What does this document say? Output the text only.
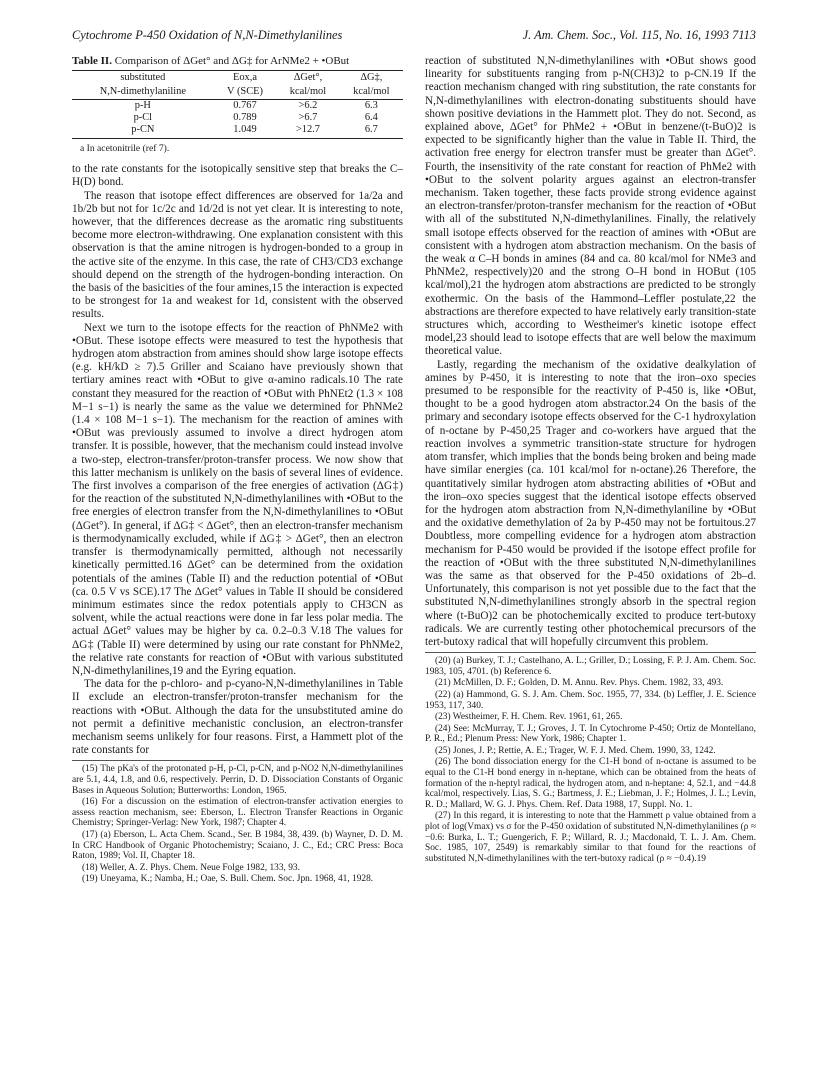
Cytochrome P-450 Oxidation of N,N-Dimethylanilines	J. Am. Chem. Soc., Vol. 115, No. 16, 1993 7113
Table II. Comparison of ΔGet° and ΔG‡ for ArNMe2 + •OBut
substituted	Eox,a	ΔGet°,	ΔG‡,
N,N-dimethylaniline	V (SCE)	kcal/mol	kcal/mol
p-H	0.767	>6.2	6.3
p-Cl	0.789	>6.7	6.4
p-CN	1.049	>12.7	6.7
a In acetonitrile (ref 7).

to the rate constants for the isotopically sensitive step that breaks the C–H(D) bond.

The reason that isotope effect differences are observed for 1a/2a and 1b/2b but not for 1c/2c and 1d/2d is not yet clear. It is interesting to note, however, that the differences decrease as the aromatic ring substituents become more electron-withdrawing. One explanation consistent with this observation is that the amine nitrogen is hydrogen-bonded to a group in the active site of the enzyme. In this case, the rate of CH3/CD3 exchange should depend on the strength of the hydrogen-bonding interaction. On the basis of the basicities of the four amines,15 the interaction is expected to be strongest for 1a and weakest for 1d, consistent with the observed results.

Next we turn to the isotope effects for the reaction of PhNMe2 with •OBut. These isotope effects were measured to test the hypothesis that hydrogen atom abstraction from amines should show large isotope effects (e.g. kH/kD ≥ 7).5 Griller and Scaiano have previously shown that tertiary amines react with •OBut to give α-amino radicals.10 The rate constant they measured for the reaction of •OBut with PhNEt2 (1.3 × 108 M−1 s−1) is nearly the same as the value we determined for PhNMe2 (1.4 × 108 M−1 s−1). The mechanism for the reaction of amines with •OBut was previously assumed to involve a direct hydrogen atom transfer. It is possible, however, that the mechanism could instead involve a two-step, electron-transfer/proton-transfer process. We now show that this latter mechanism is unlikely on the basis of several lines of evidence. The first involves a comparison of the free energies of activation (ΔG‡) for the reaction of the substituted N,N-dimethylanilines with •OBut to the free energies of electron transfer from the N,N-dimethylanilines to •OBut (ΔGet°). In general, if ΔG‡ < ΔGet°, then an electron-transfer mechanism is thermodynamically excluded, while if ΔG‡ > ΔGet°, then an electron transfer is thermodynamically permitted, although not necessarily kinetically permitted.16 ΔGet° can be determined from the oxidation potentials of the amines (Table II) and the reduction potential of •OBut (ca. 0.5 V vs SCE).17 The ΔGet° values in Table II should be considered minimum estimates since the redox potentials apply to CH3CN as solvent, while the actual reactions were done in far less polar media. The actual ΔGet° values may be higher by ca. 0.2–0.3 V.18 The values for ΔG‡ (Table II) were determined by using our rate constant for PhNMe2, the relative rate constants for reaction of •OBut with various substituted N,N-dimethylanilines,19 and the Eyring equation.

The data for the p-chloro- and p-cyano-N,N-dimethylanilines in Table II exclude an electron-transfer/proton-transfer mechanism for the reactions with •OBut. Although the data for the unsubstituted amine do not permit a definitive mechanistic conclusion, an electron-transfer mechanism seems unlikely for four reasons. First, a Hammett plot of the rate constants for

(15) The pKa's of the protonated p-H, p-Cl, p-CN, and p-NO2 N,N-dimethylanilines are 5.1, 4.4, 1.8, and 0.6, respectively. Perrin, D. D. Dissociation Constants of Organic Bases in Aqueous Solution; Butterworths: London, 1965.

(16) For a discussion on the estimation of electron-transfer activation energies to assess reaction mechanism, see: Eberson, L. Electron Transfer Reactions in Organic Chemistry; Springer-Verlag: New York, 1987; Chapter 4.

(17) (a) Eberson, L. Acta Chem. Scand., Ser. B 1984, 38, 439. (b) Wayner, D. D. M. In CRC Handbook of Organic Photochemistry; Scaiano, J. C., Ed.; CRC Press: Boca Raton, 1989; Vol. II, Chapter 18.

(18) Weller, A. Z. Phys. Chem. Neue Folge 1982, 133, 93.

(19) Uneyama, K.; Namba, H.; Oae, S. Bull. Chem. Soc. Jpn. 1968, 41, 1928.

reaction of substituted N,N-dimethylanilines with •OBut shows good linearity for substituents ranging from p-N(CH3)2 to p-CN.19 If the reaction mechanism changed with ring substitution, the rate constants for N,N-dimethylanilines with electron-donating substituents should have shown positive deviations in the Hammett plot. They do not. Second, as explained above, ΔGet° for PhMe2 + •OBut in benzene/(t-BuO)2 is expected to be significantly higher than the value in Table II. Third, the activation free energy for electron transfer must be greater than ΔGet°. Fourth, the insensitivity of the rate constant for reaction of PhMe2 with •OBut to the solvent polarity argues against an electron-transfer mechanism. Taken together, these facts provide strong evidence against an electron-transfer/proton-transfer mechanism for the reaction of •OBut with all of the substituted N,N-dimethylanilines. Finally, the relatively small isotope effects observed for the reaction of amines with •OBut are consistent with a hydrogen atom abstraction mechanism. On the basis of the weak α C–H bonds in amines (84 and ca. 80 kcal/mol for NMe3 and PhNMe2, respectively)20 and the strong O–H bond in HOBut (105 kcal/mol),21 the hydrogen atom abstractions are predicted to be strongly exothermic. On the basis of the Hammond–Leffler postulate,22 the abstractions are therefore expected to have relatively early transition-state structures which, according to Westheimer's kinetic isotope effect model,23 should lead to isotope effects that are well below the maximum theoretical value.

Lastly, regarding the mechanism of the oxidative dealkylation of amines by P-450, it is interesting to note that the iron–oxo species presumed to be responsible for the reactivity of P-450 is, like •OBut, thought to be a good hydrogen atom abstractor.24 On the basis of the primary and secondary isotope effects observed for the C-1 hydroxylation of n-octane by P-450,25 Trager and co-workers have argued that the reaction involves a symmetric transition-state structure for hydrogen atom transfer, which implies that the bonds being broken and being made have similar energies (ca. 101 kcal/mol for n-octane).26 Therefore, the quantitatively similar hydrogen atom abstracting abilities of •OBut and the iron–oxo species suggest that the identical isotope effects observed for the hydrogen atom abstraction from N,N-dimethylaniline by •OBut and the oxidative demethylation of 2a by P-450 may not be fortuitous.27 Doubtless, more compelling evidence for a hydrogen atom abstraction mechanism for P-450 would be provided if the isotope effect profile for the reaction of •OBut with the three substituted N,N-dimethylanilines was the same as that observed for the P-450 oxidations of 2b–d. Unfortunately, this comparison is not yet possible due to the fact that the substituted N,N-dimethylanilines strongly absorb in the spectral region where (t-BuO)2 can be photochemically excited to produce tert-butoxy radicals. We are currently testing other photochemical precursors of the tert-butoxy radical that will hopefully circumvent this problem.

(20) (a) Burkey, T. J.; Castelhano, A. L.; Griller, D.; Lossing, F. P. J. Am. Chem. Soc. 1983, 105, 4701. (b) Reference 6.

(21) McMillen, D. F.; Golden, D. M. Annu. Rev. Phys. Chem. 1982, 33, 493.

(22) (a) Hammond, G. S. J. Am. Chem. Soc. 1955, 77, 334. (b) Leffler, J. E. Science 1953, 117, 340.

(23) Westheimer, F. H. Chem. Rev. 1961, 61, 265.

(24) See: McMurray, T. J.; Groves, J. T. In Cytochrome P-450; Ortiz de Montellano, P. R., Ed.; Plenum Press: New York, 1986; Chapter 1.

(25) Jones, J. P.; Rettie, A. E.; Trager, W. F. J. Med. Chem. 1990, 33, 1242.

(26) The bond dissociation energy for the C1-H bond of n-octane is assumed to be equal to the C1-H bond energy in n-heptane, which can be obtained from the heats of formation of the n-heptyl radical, the hydrogen atom, and n-heptane: 4, 52.1, and −44.8 kcal/mol, respectively. Lias, S. G.; Bartmess, J. E.; Liebman, J. F.; Holmes, J. L.; Levin, R. D.; Mallard, W. G. J. Phys. Chem. Ref. Data 1988, 17, Suppl. No. 1.

(27) In this regard, it is interesting to note that the Hammett ρ value obtained from a plot of log(Vmax) vs σ for the P-450 oxidation of substituted N,N-dimethylanilines (ρ ≈ −0.6: Burka, L. T.; Guengerich, F. P.; Willard, R. J.; Macdonald, T. L. J. Am. Chem. Soc. 1985, 107, 2549) is remarkably similar to that found for the reactions of substituted N,N-dimethylanilines with the tert-butoxy radical (ρ ≈ −0.4).19
